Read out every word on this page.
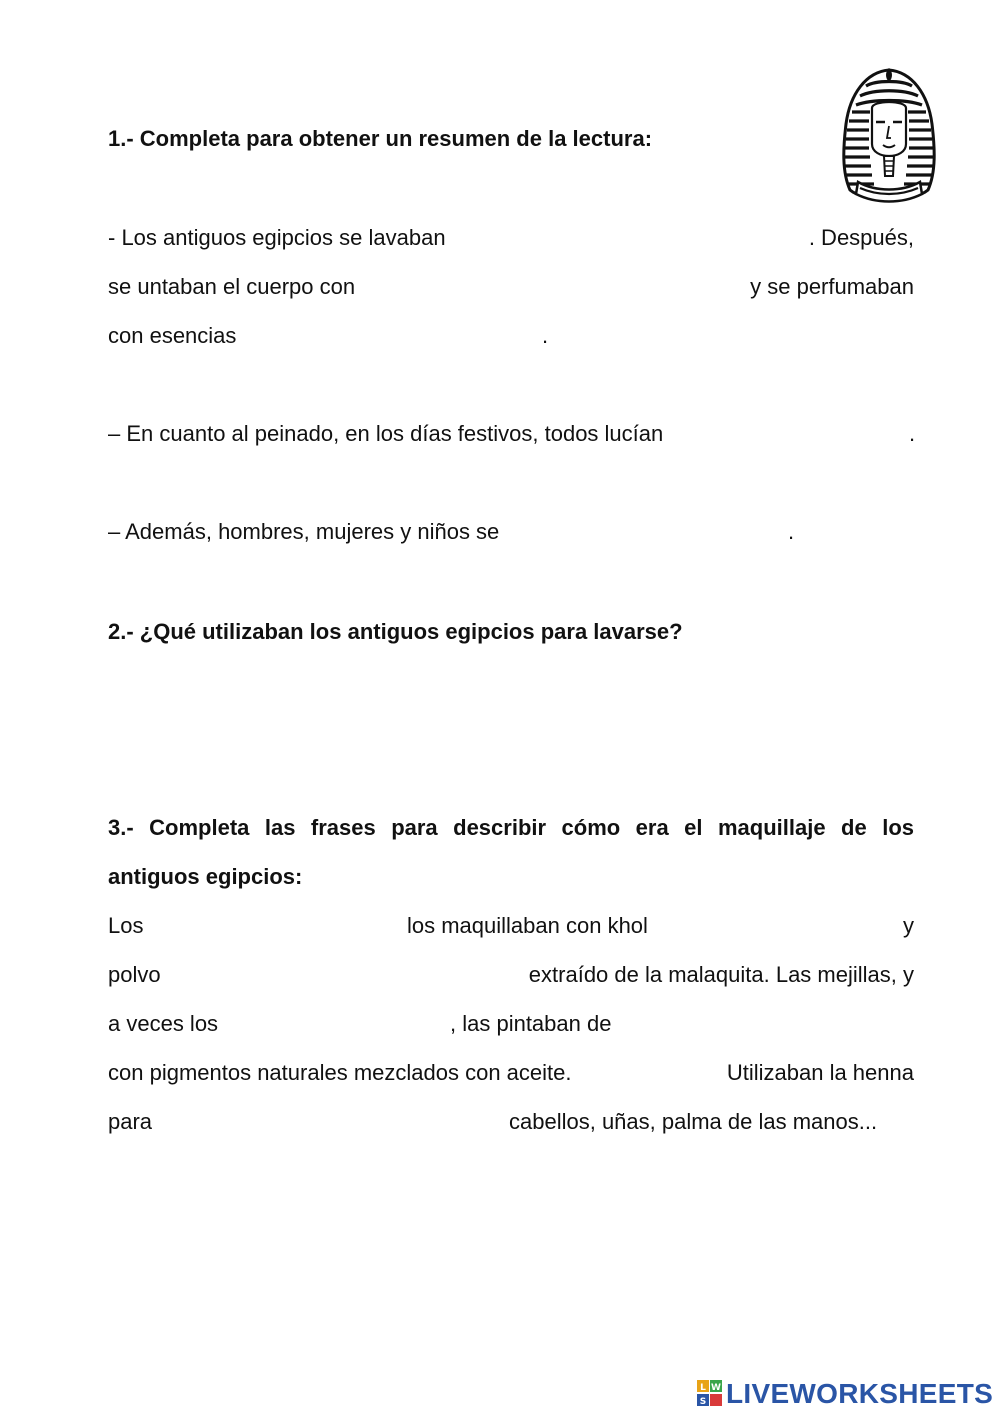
1.- Completa para obtener un resumen de la lectura:
- Los antiguos egipcios se lavaban	. Después,
se untaban el cuerpo con	y se perfumaban
con esencias	.
– En cuanto al peinado, en los días festivos, todos lucían	.
– Además, hombres, mujeres y niños se	.
2.- ¿Qué utilizaban los antiguos egipcios para lavarse?
3.- Completa las frases para describir cómo era el maquillaje de los
antiguos egipcios:
Los	los maquillaban con khol	y
polvo	extraído de la malaquita. Las mejillas, y
a veces los	, las pintaban de
con pigmentos naturales mezclados con aceite.	Utilizaban la henna
para	cabellos, uñas, palma de las manos...
L W
S LIVEWORKSHEETS
